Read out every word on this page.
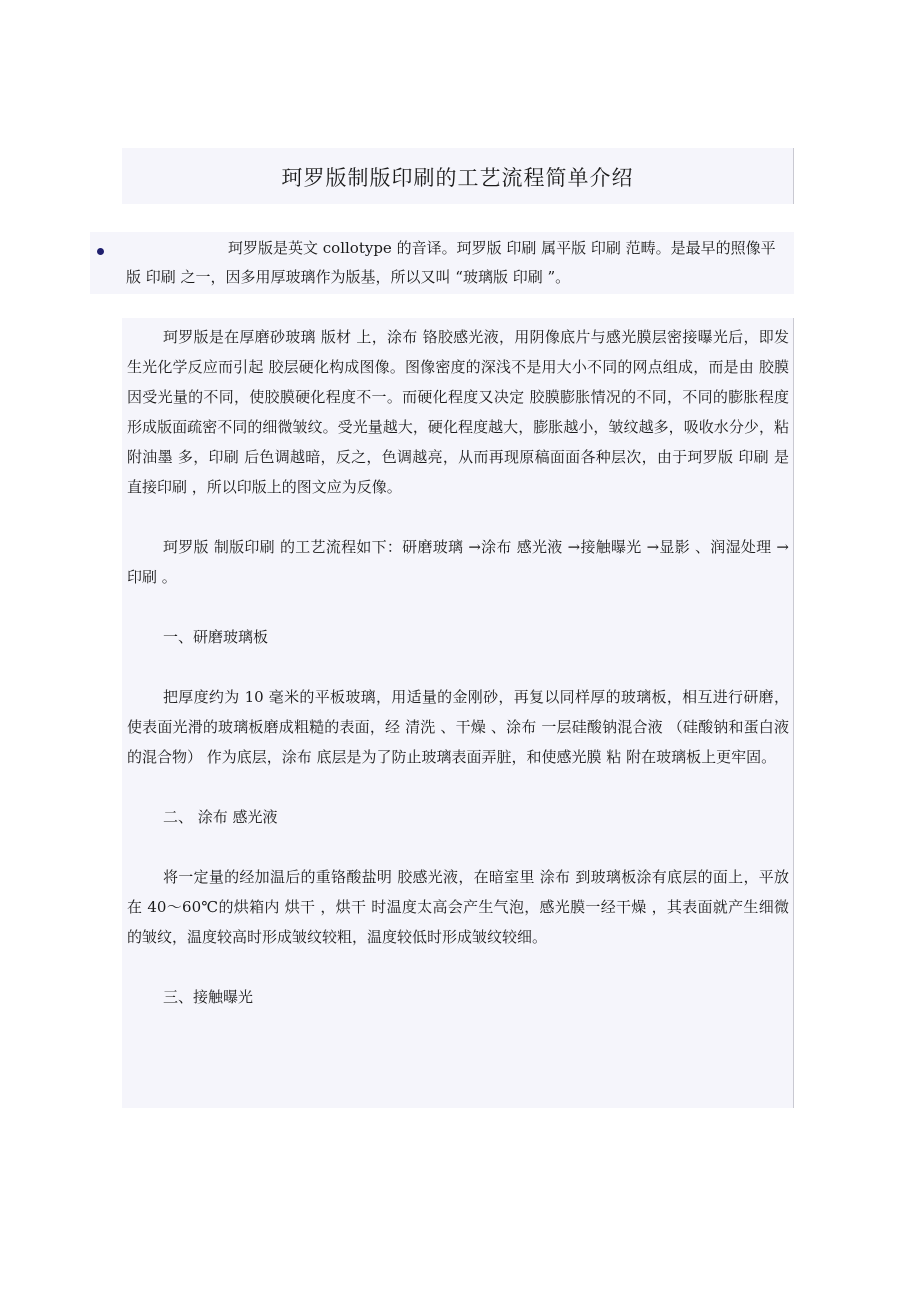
珂罗版制版印刷的工艺流程简单介绍

珂罗版是英文 collotype 的音译。珂罗版 印刷 属平版 印刷 范畴。是最早的照像平版 印刷 之一，因多用厚玻璃作为版基，所以又叫 “玻璃版 印刷 ”。

珂罗版是在厚磨砂玻璃 版材 上，涂布 铬胶感光液，用阴像底片与感光膜层密接曝光后，即发生光化学反应而引起 胶层硬化构成图像。图像密度的深浅不是用大小不同的网点组成，而是由 胶膜因受光量的不同，使胶膜硬化程度不一。而硬化程度又决定 胶膜膨胀情况的不同，不同的膨胀程度形成版面疏密不同的细微皱纹。受光量越大，硬化程度越大，膨胀越小，皱纹越多，吸收水分少，粘附油墨 多，印刷 后色调越暗，反之，色调越亮，从而再现原稿面面各种层次，由于珂罗版 印刷 是直接印刷 ，所以印版上的图文应为反像。

珂罗版 制版印刷 的工艺流程如下：研磨玻璃 →涂布 感光液 →接触曝光 →显影 、润湿处理 →印刷 。

一、研磨玻璃板

把厚度约为 10 毫米的平板玻璃，用适量的金刚砂，再复以同样厚的玻璃板，相互进行研磨，使表面光滑的玻璃板磨成粗糙的表面，经 清洗 、干燥 、涂布 一层硅酸钠混合液 （硅酸钠和蛋白液的混合物） 作为底层，涂布 底层是为了防止玻璃表面弄脏，和使感光膜 粘 附在玻璃板上更牢固。

二、 涂布 感光液

将一定量的经加温后的重铬酸盐明 胶感光液，在暗室里 涂布 到玻璃板涂有底层的面上，平放在 40～60℃的烘箱内 烘干 ，烘干 时温度太高会产生气泡，感光膜一经干燥 ，其表面就产生细微的皱纹，温度较高时形成皱纹较粗，温度较低时形成皱纹较细。

三、接触曝光
